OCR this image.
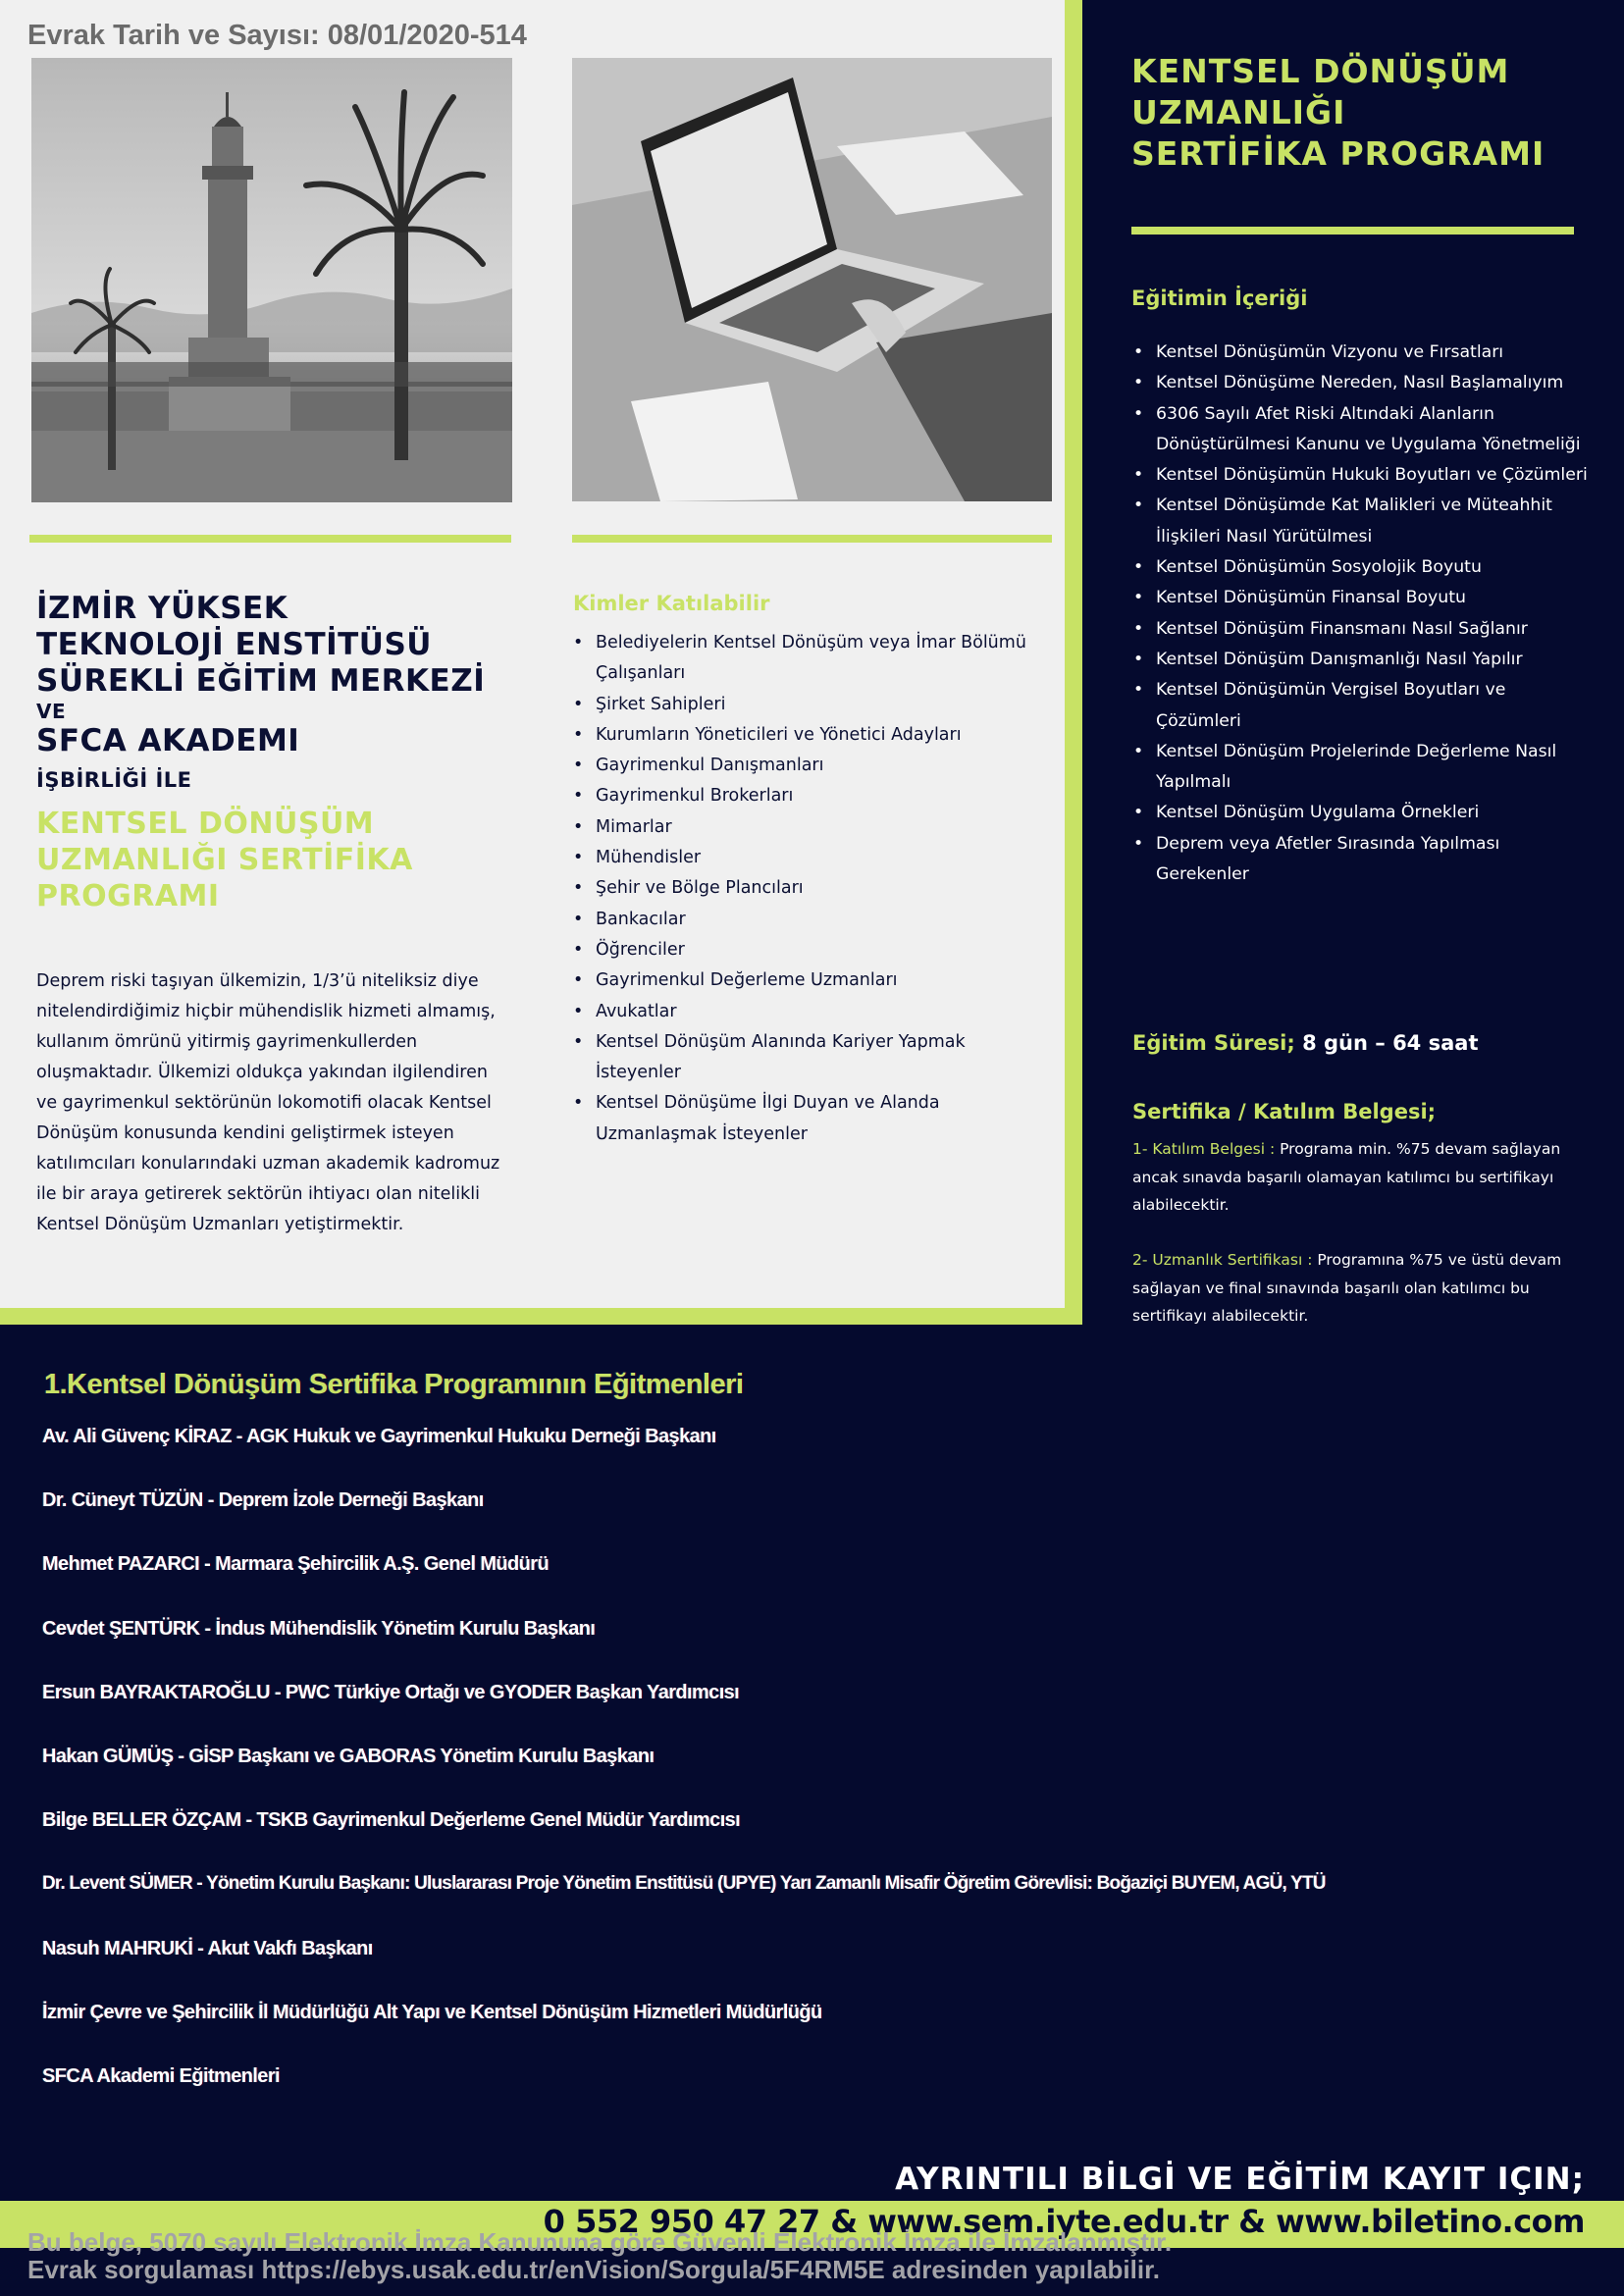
Evrak Tarih ve Sayısı: 08/01/2020-514
İZMİR YÜKSEK
TEKNOLOJİ ENSTİTÜSÜ
SÜREKLİ EĞİTİM MERKEZİ
VE
SFCA AKADEMI
İŞBİRLİĞİ İLE
KENTSEL DÖNÜŞÜM
UZMANLIĞI SERTİFİKA
PROGRAMI
Deprem riski taşıyan ülkemizin, 1/3’ü niteliksiz diye nitelendirdiğimiz hiçbir mühendislik hizmeti almamış, kullanım ömrünü yitirmiş gayrimenkullerden oluşmaktadır. Ülkemizi oldukça yakından ilgilendiren ve gayrimenkul sektörünün lokomotifi olacak Kentsel Dönüşüm konusunda kendini geliştirmek isteyen katılımcıları konularındaki uzman akademik kadromuz ile bir araya getirerek sektörün ihtiyacı olan nitelikli Kentsel Dönüşüm Uzmanları yetiştirmektir.
Kimler Katılabilir
• Belediyelerin Kentsel Dönüşüm veya İmar Bölümü Çalışanları
• Şirket Sahipleri
• Kurumların Yöneticileri ve Yönetici Adayları
• Gayrimenkul Danışmanları
• Gayrimenkul Brokerları
• Mimarlar
• Mühendisler
• Şehir ve Bölge Plancıları
• Bankacılar
• Öğrenciler
• Gayrimenkul Değerleme Uzmanları
• Avukatlar
• Kentsel Dönüşüm Alanında Kariyer Yapmak İsteyenler
• Kentsel Dönüşüme İlgi Duyan ve Alanda Uzmanlaşmak İsteyenler
KENTSEL DÖNÜŞÜM
UZMANLIĞI
SERTİFİKA PROGRAMI
Eğitimin İçeriği
• Kentsel Dönüşümün Vizyonu ve Fırsatları
• Kentsel Dönüşüme Nereden, Nasıl Başlamalıyım
• 6306 Sayılı Afet Riski Altındaki Alanların Dönüştürülmesi Kanunu ve Uygulama Yönetmeliği
• Kentsel Dönüşümün Hukuki Boyutları ve Çözümleri
• Kentsel Dönüşümde Kat Malikleri ve Müteahhit İlişkileri Nasıl Yürütülmesi
• Kentsel Dönüşümün Sosyolojik Boyutu
• Kentsel Dönüşümün Finansal Boyutu
• Kentsel Dönüşüm Finansmanı Nasıl Sağlanır
• Kentsel Dönüşüm Danışmanlığı Nasıl Yapılır
• Kentsel Dönüşümün Vergisel Boyutları ve Çözümleri
• Kentsel Dönüşüm Projelerinde Değerleme Nasıl Yapılmalı
• Kentsel Dönüşüm Uygulama Örnekleri
• Deprem veya Afetler Sırasında Yapılması Gerekenler
Eğitim Süresi; 8 gün – 64 saat
Sertifika / Katılım Belgesi;
1- Katılım Belgesi : Programa min. %75 devam sağlayan ancak sınavda başarılı olamayan katılımcı bu sertifikayı alabilecektir.
2- Uzmanlık Sertifikası : Programına %75 ve üstü devam sağlayan ve final sınavında başarılı olan katılımcı bu sertifikayı alabilecektir.
1.Kentsel Dönüşüm Sertifika Programının Eğitmenleri
Av. Ali Güvenç KİRAZ - AGK Hukuk ve Gayrimenkul Hukuku Derneği Başkanı
Dr. Cüneyt TÜZÜN - Deprem İzole Derneği Başkanı
Mehmet PAZARCI - Marmara Şehircilik A.Ş. Genel Müdürü
Cevdet ŞENTÜRK - İndus Mühendislik Yönetim Kurulu Başkanı
Ersun BAYRAKTAROĞLU - PWC Türkiye Ortağı ve GYODER Başkan Yardımcısı
Hakan GÜMÜŞ - GİSP Başkanı ve GABORAS Yönetim Kurulu Başkanı
Bilge BELLER ÖZÇAM - TSKB Gayrimenkul Değerleme Genel Müdür Yardımcısı
Dr. Levent SÜMER - Yönetim Kurulu Başkanı: Uluslararası Proje Yönetim Enstitüsü (UPYE) Yarı Zamanlı Misafir Öğretim Görevlisi: Boğaziçi BUYEM, AGÜ, YTÜ
Nasuh MAHRUKİ - Akut Vakfı Başkanı
İzmir Çevre ve Şehircilik İl Müdürlüğü Alt Yapı ve Kentsel Dönüşüm Hizmetleri Müdürlüğü
SFCA Akademi Eğitmenleri
AYRINTILI BİLGİ VE EĞİTİM KAYIT IÇIN;
0 552 950 47 27 & www.sem.iyte.edu.tr & www.biletino.com
Bu belge, 5070 sayılı Elektronik İmza Kanununa göre Güvenli Elektronik İmza ile İmzalanmıştır.
Evrak sorgulaması https://ebys.usak.edu.tr/enVision/Sorgula/5F4RM5E adresinden yapılabilir.
